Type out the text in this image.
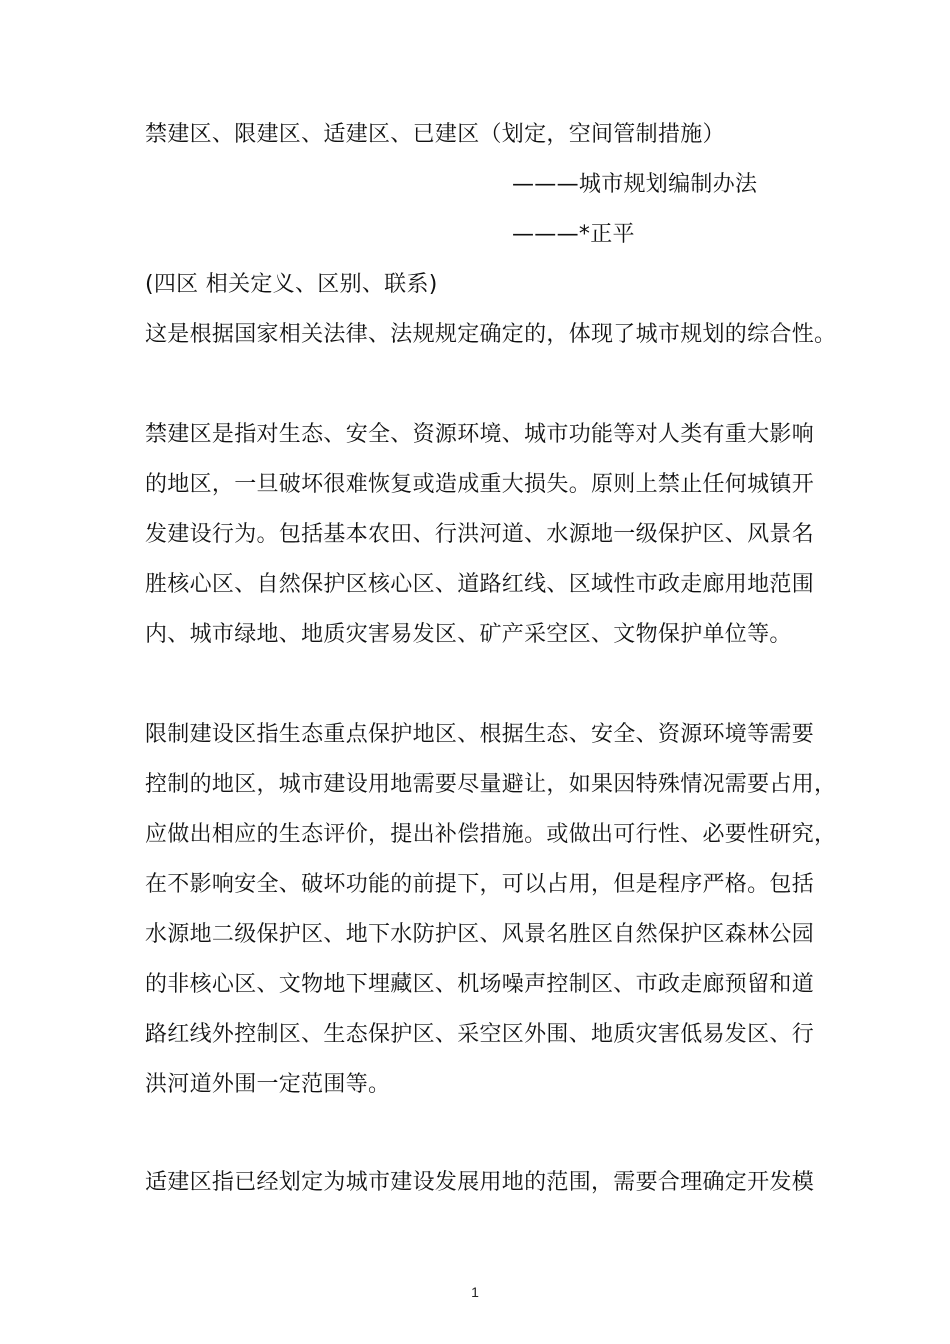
禁建区、限建区、适建区、已建区（划定，空间管制措施）
———城市规划编制办法
———*正平
(四区 相关定义、区别、联系)
这是根据国家相关法律、法规规定确定的，体现了城市规划的综合性。
禁建区是指对生态、安全、资源环境、城市功能等对人类有重大影响
的地区，一旦破坏很难恢复或造成重大损失。原则上禁止任何城镇开
发建设行为。包括基本农田、行洪河道、水源地一级保护区、风景名
胜核心区、自然保护区核心区、道路红线、区域性市政走廊用地范围
内、城市绿地、地质灾害易发区、矿产采空区、文物保护单位等。
限制建设区指生态重点保护地区、根据生态、安全、资源环境等需要
控制的地区，城市建设用地需要尽量避让，如果因特殊情况需要占用，
应做出相应的生态评价，提出补偿措施。或做出可行性、必要性研究，
在不影响安全、破坏功能的前提下，可以占用，但是程序严格。包括
水源地二级保护区、地下水防护区、风景名胜区自然保护区森林公园
的非核心区、文物地下埋藏区、机场噪声控制区、市政走廊预留和道
路红线外控制区、生态保护区、采空区外围、地质灾害低易发区、行
洪河道外围一定范围等。
适建区指已经划定为城市建设发展用地的范围，需要合理确定开发模
1
